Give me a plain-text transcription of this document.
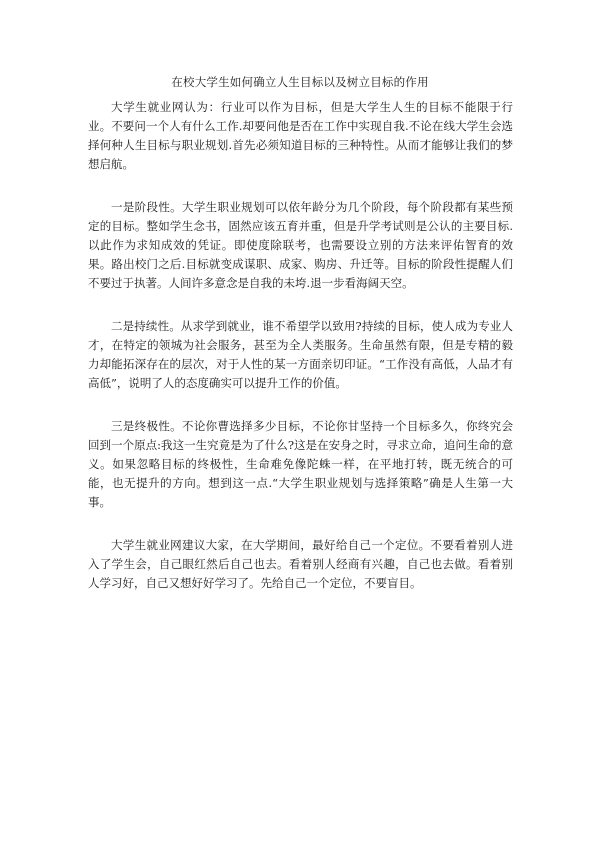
在校大学生如何确立人生目标以及树立目标的作用

大学生就业网认为：行业可以作为目标，但是大学生人生的目标不能限于行业。不要问一个人有什么工作.却要问他是否在工作中实现自我.不论在线大学生会选择何种人生目标与职业规划.首先必须知道目标的三种特性。从而才能够让我们的梦想启航。

一是阶段性。大学生职业规划可以依年龄分为几个阶段，每个阶段都有某些预定的目标。整如学生念书，固然应该五育并重，但是升学考试则是公认的主要目标.以此作为求知成效的凭证。即使度除联考，也需要设立别的方法来评佑智育的效果。路出校门之后.目标就变成谋职、成家、购房、升迁等。目标的阶段性提醒人们不要过于执著。人间许多意念是自我的未垮.退一步看海阔天空。

二是持续性。从求学到就业，谁不希望学以致用?持续的目标，使人成为专业人才，在特定的领城为社会服务，甚至为全人类服务。生命虽然有限，但是专精的毅力却能拓深存在的层次，对于人性的某一方面亲切印证。“工作没有高低，人品才有高低”，说明了人的态度确实可以提升工作的价值。

三是终极性。不论你曹选择多少目标，不论你甘坚持一个目标多久，你终究会回到一个原点:我这一生究竟是为了什么?这是在安身之时，寻求立命，追问生命的意义。如果忽略目标的终极性，生命难免像陀蛛一样，在平地打转，既无统合的可能，也无提升的方向。想到这一点.“大学生职业规划与选择策略”确是人生第一大事。

大学生就业网建议大家，在大学期间，最好给自己一个定位。不要看着别人进入了学生会，自己眼红然后自己也去。看着别人经商有兴趣，自己也去做。看着别人学习好，自己又想好好学习了。先给自己一个定位，不要盲目。
